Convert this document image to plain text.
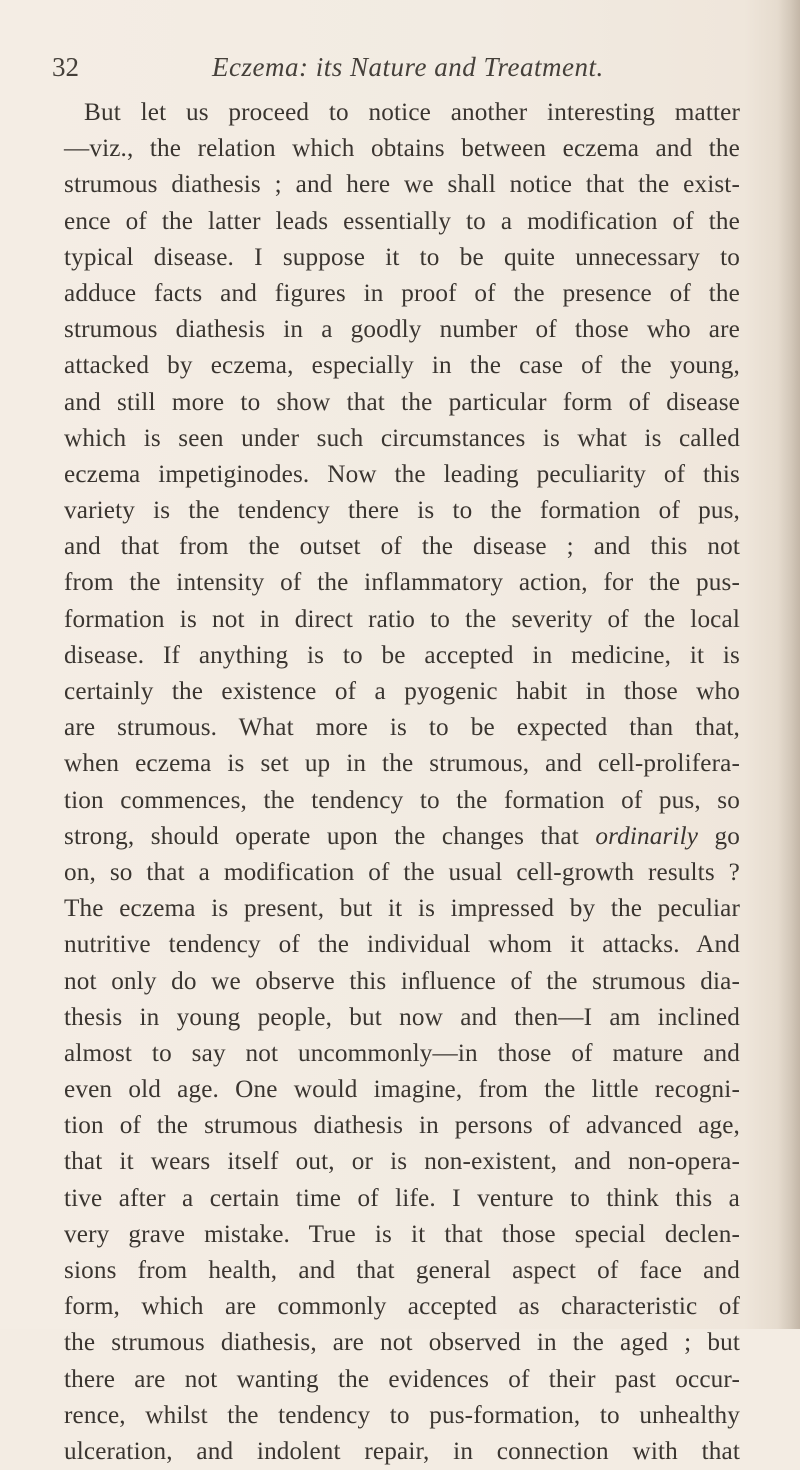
32	Eczema: its Nature and Treatment.
But let us proceed to notice another interesting matter
—viz., the relation which obtains between eczema and the
strumous diathesis ; and here we shall notice that the exist-
ence of the latter leads essentially to a modification of the
typical disease. I suppose it to be quite unnecessary to
adduce facts and figures in proof of the presence of the
strumous diathesis in a goodly number of those who are
attacked by eczema, especially in the case of the young,
and still more to show that the particular form of disease
which is seen under such circumstances is what is called
eczema impetiginodes. Now the leading peculiarity of this
variety is the tendency there is to the formation of pus,
and that from the outset of the disease ; and this not
from the intensity of the inflammatory action, for the pus-
formation is not in direct ratio to the severity of the local
disease. If anything is to be accepted in medicine, it is
certainly the existence of a pyogenic habit in those who
are strumous. What more is to be expected than that,
when eczema is set up in the strumous, and cell-prolifera-
tion commences, the tendency to the formation of pus, so
strong, should operate upon the changes that ordinarily go
on, so that a modification of the usual cell-growth results ?
The eczema is present, but it is impressed by the peculiar
nutritive tendency of the individual whom it attacks. And
not only do we observe this influence of the strumous dia-
thesis in young people, but now and then—I am inclined
almost to say not uncommonly—in those of mature and
even old age. One would imagine, from the little recogni-
tion of the strumous diathesis in persons of advanced age,
that it wears itself out, or is non-existent, and non-opera-
tive after a certain time of life. I venture to think this a
very grave mistake. True is it that those special declen-
sions from health, and that general aspect of face and
form, which are commonly accepted as characteristic of
the strumous diathesis, are not observed in the aged ; but
there are not wanting the evidences of their past occur-
rence, whilst the tendency to pus-formation, to unhealthy
ulceration, and indolent repair, in connection with that
